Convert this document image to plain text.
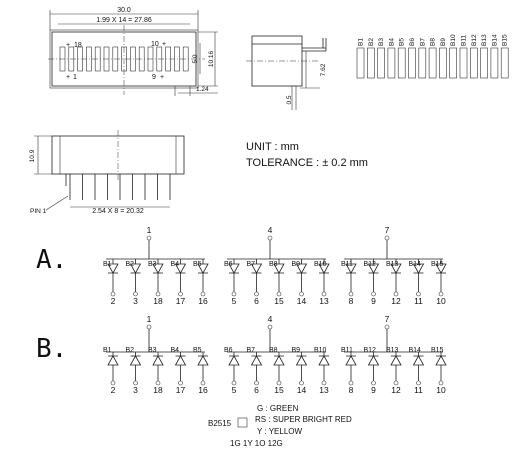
30.0
1.99 X 14 = 27.86
+ 18	10 +
+ 1	9 +
5.0 10.16
1.24
7.62
0.5
B1 B2 B3 B4 B5 B6 B7 B8 B9 B10 B11 B12 B13 B14 B15
10.9
2.54 X 8 = 20.32
PIN 1
UNIT : mm
TOLERANCE : ± 0.2 mm
A.
B.
1
B1
2
B2
3
B3
18
B4
17
B5
16
4
B6
5
B7
6
B8
15
B9
14
B10
13
7
B11
8
B12
9
B13
12
B14
11
B15
10
1
B1
2
B2
3
B3
18
B4
17
B5
16
4
B6
5
B7
6
B8
15
B9
14
B10
13
7
B11
8
B12
9
B13
12
B14
11
B15
10
G : GREEN
RS : SUPER BRIGHT RED
Y : YELLOW
B2515
1G 1Y 1O 12G
